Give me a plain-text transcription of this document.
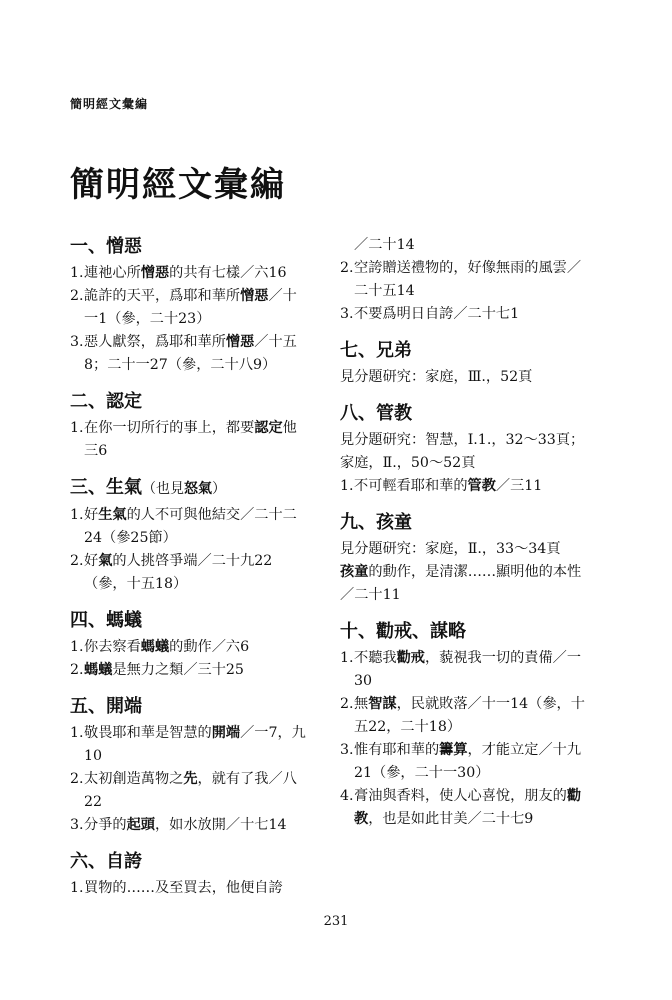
簡明經文彙編
簡明經文彙編
一、憎惡
1. 連祂心所憎惡的共有七樣／六16
2. 詭詐的天平，爲耶和華所憎惡／十一1（參，二十23）
3. 惡人獻祭，爲耶和華所憎惡／十五8；二十一27（參，二十八9）
二、認定
1. 在你一切所行的事上，都要認定他　三6
三、生氣（也見怒氣）
1. 好生氣的人不可與他結交／二十二24（參25節）
2. 好氣的人挑啓爭端／二十九22（參，十五18）
四、螞蟻
1. 你去察看螞蟻的動作／六6
2. 螞蟻是無力之類／三十25
五、開端
1. 敬畏耶和華是智慧的開端／一7，九10
2. 太初創造萬物之先，就有了我／八22
3. 分爭的起頭，如水放開／十七14
六、自誇
1. 買物的……及至買去，他便自誇
／二十14
2. 空誇贈送禮物的，好像無雨的風雲／二十五14
3. 不要爲明日自誇／二十七1
七、兄弟
見分題研究：家庭，Ⅲ.，52頁
八、管教
見分題研究：智慧，Ⅰ.1.，32～33頁；家庭，Ⅱ.，50～52頁
1. 不可輕看耶和華的管教／三11
九、孩童
見分題研究：家庭，Ⅱ.，33～34頁
孩童的動作，是清潔……顯明他的本性／二十11
十、勸戒、謀略
1. 不聽我勸戒，藐視我一切的責備／一30
2. 無智謀，民就敗落／十一14（參，十五22，二十18）
3. 惟有耶和華的籌算，才能立定／十九21（參，二十一30）
4. 膏油與香料，使人心喜悅，朋友的勸教，也是如此甘美／二十七9
231
